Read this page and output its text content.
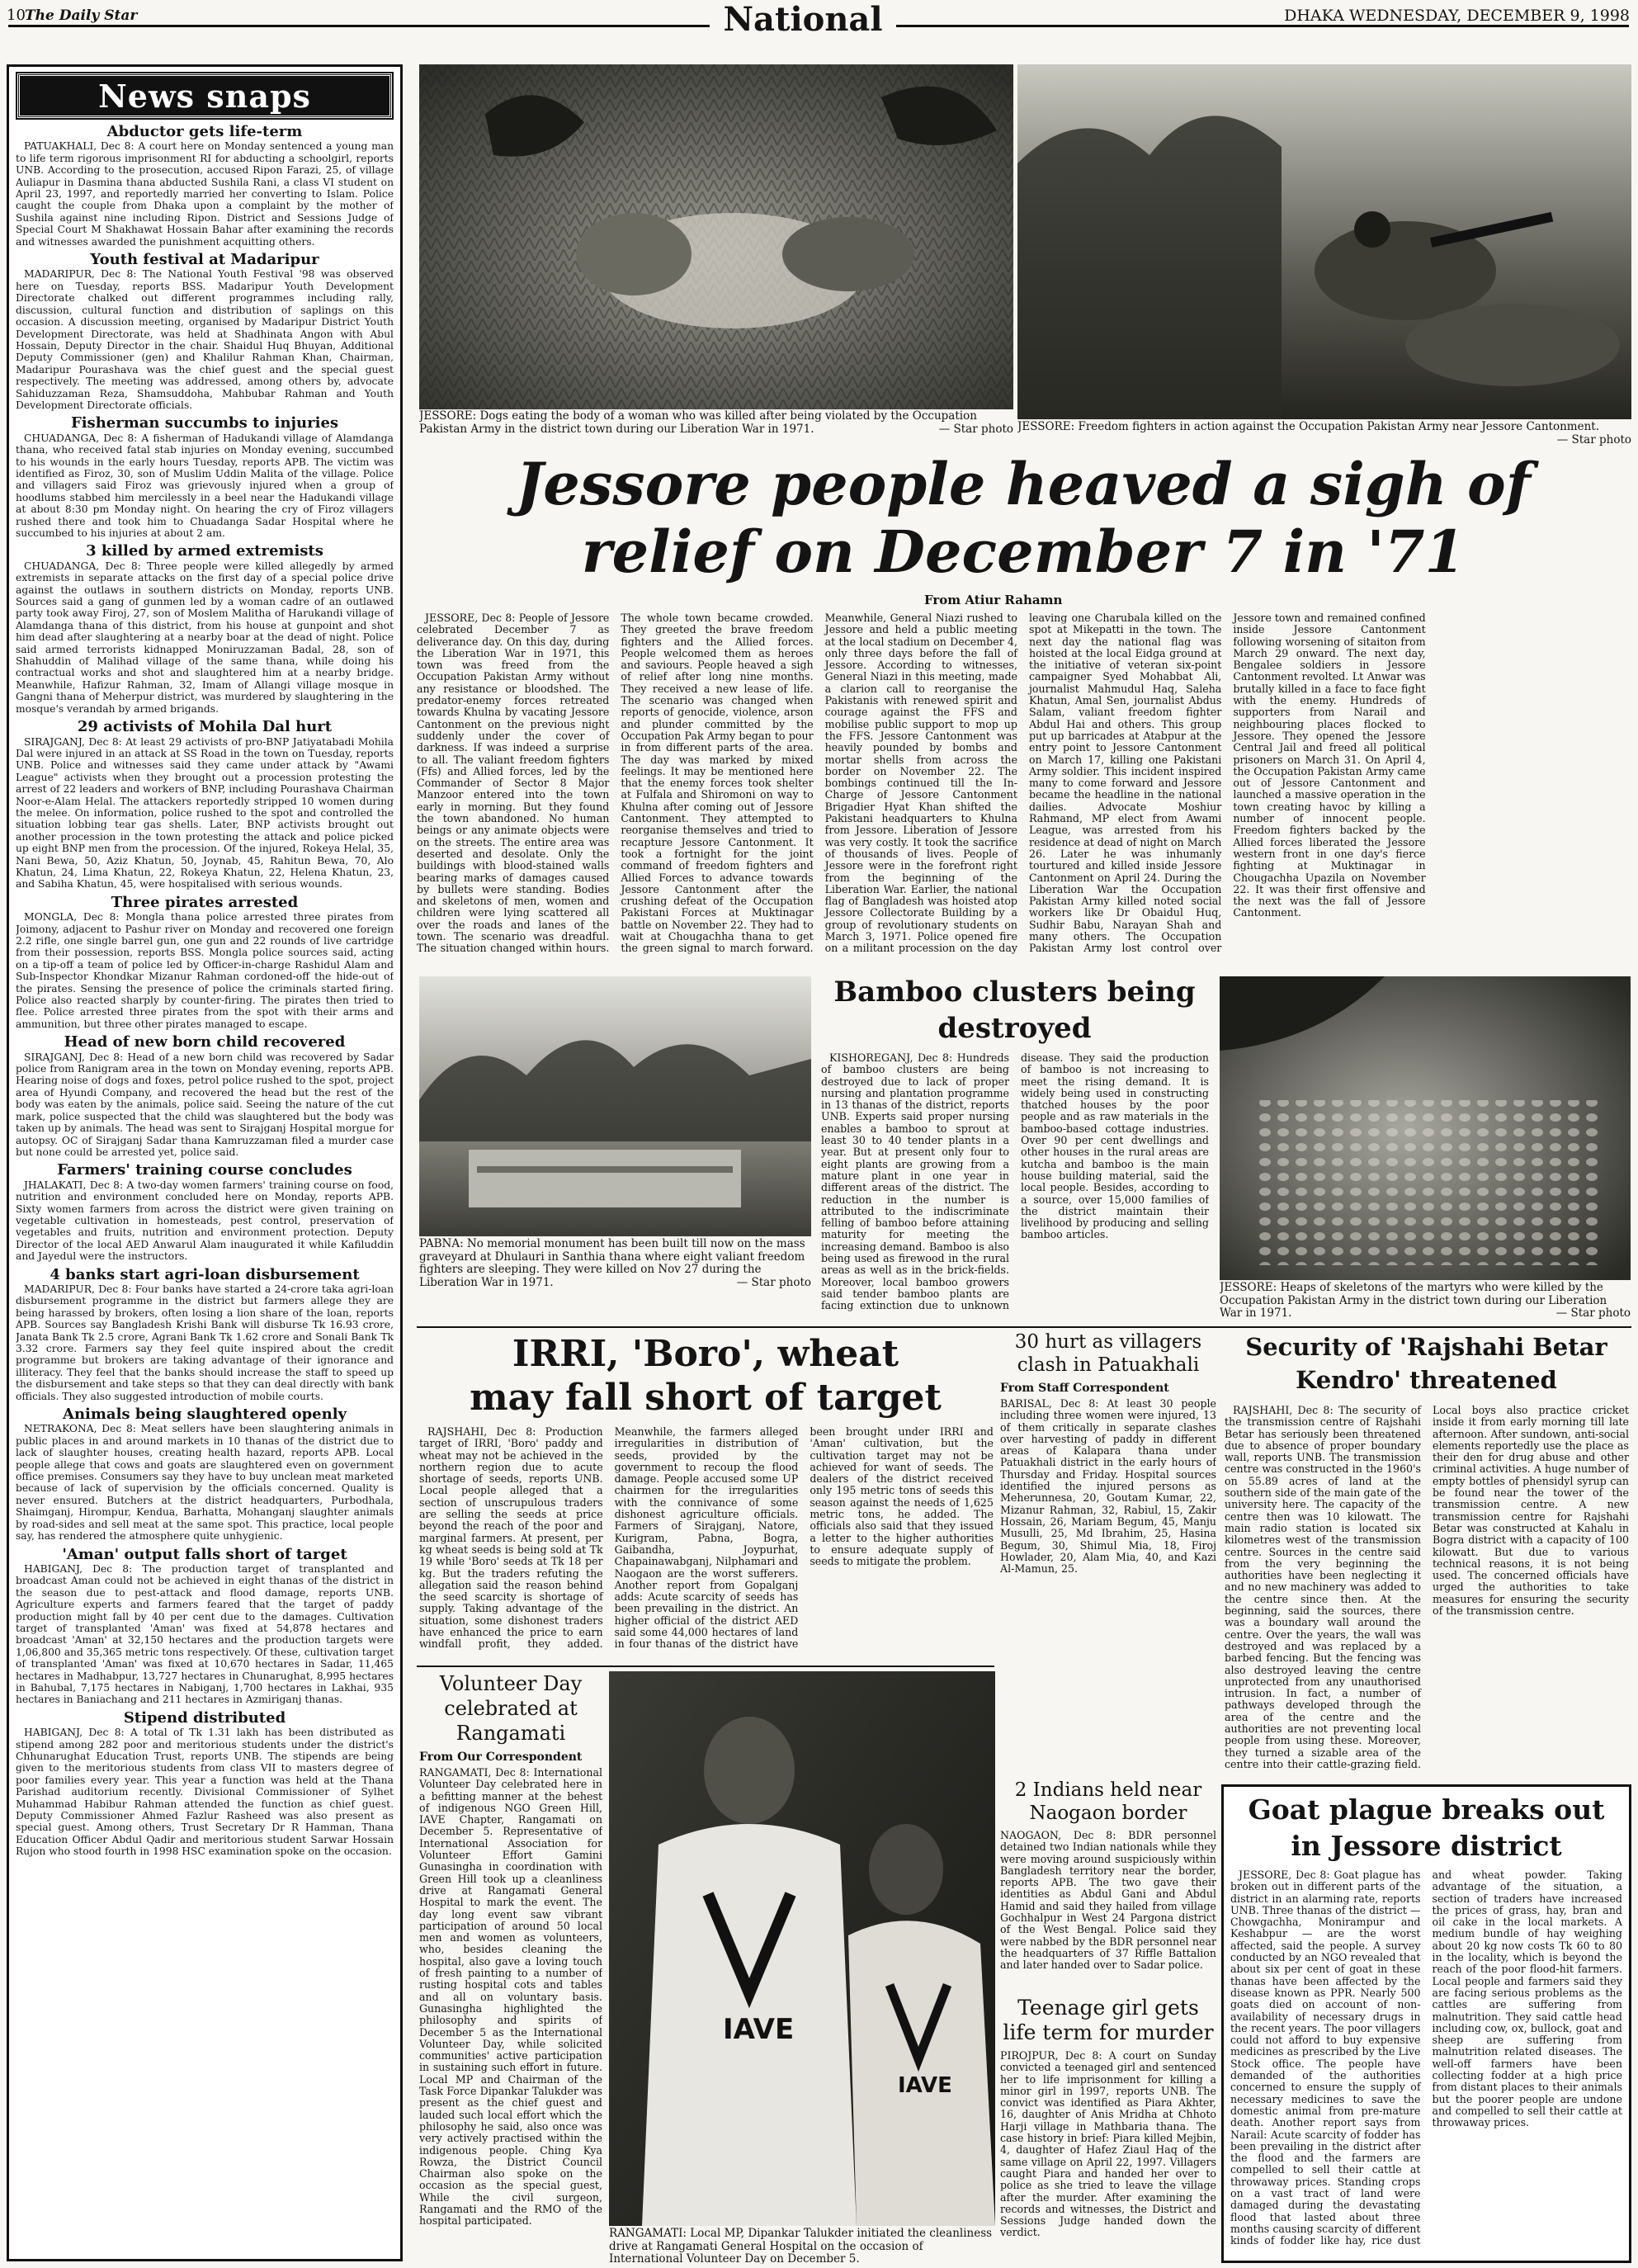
10 The Daily Star	National	DHAKA WEDNESDAY, DECEMBER 9, 1998
News snaps
Abductor gets life-term

PATUAKHALI, Dec 8: A court here on Monday sentenced a young man to life term rigorous imprisonment RI for abducting a schoolgirl, reports UNB. According to the prosecution, accused Ripon Farazi, 25, of village Auliapur in Dasmina thana abducted Sushila Rani, a class VI student on April 23, 1997, and reportedly married her converting to Islam. Police caught the couple from Dhaka upon a complaint by the mother of Sushila against nine including Ripon. District and Sessions Judge of Special Court M Shakhawat Hossain Bahar after examining the records and witnesses awarded the punishment acquitting others.

Youth festival at Madaripur

MADARIPUR, Dec 8: The National Youth Festival '98 was observed here on Tuesday, reports BSS. Madaripur Youth Development Directorate chalked out different programmes including rally, discussion, cultural function and distribution of saplings on this occasion. A discussion meeting, organised by Madaripur District Youth Development Directorate, was held at Shadhinata Angon with Abul Hossain, Deputy Director in the chair. Shaidul Huq Bhuyan, Additional Deputy Commissioner (gen) and Khalilur Rahman Khan, Chairman, Madaripur Pourashava was the chief guest and the special guest respectively. The meeting was addressed, among others by, advocate Sahiduzzaman Reza, Shamsuddoha, Mahbubar Rahman and Youth Development Directorate officials.

Fisherman succumbs to injuries

CHUADANGA, Dec 8: A fisherman of Hadukandi village of Alamdanga thana, who received fatal stab injuries on Monday evening, succumbed to his wounds in the early hours Tuesday, reports APB. The victim was identified as Firoz, 30, son of Muslim Uddin Malita of the village. Police and villagers said Firoz was grievously injured when a group of hoodlums stabbed him mercilessly in a beel near the Hadukandi village at about 8:30 pm Monday night. On hearing the cry of Firoz villagers rushed there and took him to Chuadanga Sadar Hospital where he succumbed to his injuries at about 2 am.

3 killed by armed extremists

CHUADANGA, Dec 8: Three people were killed allegedly by armed extremists in separate attacks on the first day of a special police drive against the outlaws in southern districts on Monday, reports UNB. Sources said a gang of gunmen led by a woman cadre of an outlawed party took away Firoj, 27, son of Moslem Malitha of Harukandi village of Alamdanga thana of this district, from his house at gunpoint and shot him dead after slaughtering at a nearby boar at the dead of night. Police said armed terrorists kidnapped Moniruzzaman Badal, 28, son of Shahuddin of Malihad village of the same thana, while doing his contractual works and shot and slaughtered him at a nearby bridge. Meanwhile, Hafizur Rahman, 32, Imam of Allangi village mosque in Gangni thana of Meherpur district, was murdered by slaughtering in the mosque's verandah by armed brigands.

29 activists of Mohila Dal hurt

SIRAJGANJ, Dec 8: At least 29 activists of pro-BNP Jatiyatabadi Mohila Dal were injured in an attack at SS Road in the town on Tuesday, reports UNB. Police and witnesses said they came under attack by "Awami League" activists when they brought out a procession protesting the arrest of 22 leaders and workers of BNP, including Pourashava Chairman Noor-e-Alam Helal. The attackers reportedly stripped 10 women during the melee. On information, police rushed to the spot and controlled the situation lobbing tear gas shells. Later, BNP activists brought out another procession in the town protesting the attack and police picked up eight BNP men from the procession. Of the injured, Rokeya Helal, 35, Nani Bewa, 50, Aziz Khatun, 50, Joynab, 45, Rahitun Bewa, 70, Alo Khatun, 24, Lima Khatun, 22, Rokeya Khatun, 22, Helena Khatun, 23, and Sabiha Khatun, 45, were hospitalised with serious wounds.

Three pirates arrested

MONGLA, Dec 8: Mongla thana police arrested three pirates from Joimony, adjacent to Pashur river on Monday and recovered one foreign 2.2 rifle, one single barrel gun, one gun and 22 rounds of live cartridge from their possession, reports BSS. Mongla police sources said, acting on a tip-off a team of police led by Officer-in-charge Rashidul Alam and Sub-Inspector Khondkar Mizanur Rahman cordoned-off the hide-out of the pirates. Sensing the presence of police the criminals started firing. Police also reacted sharply by counter-firing. The pirates then tried to flee. Police arrested three pirates from the spot with their arms and ammunition, but three other pirates managed to escape.

Head of new born child recovered

SIRAJGANJ, Dec 8: Head of a new born child was recovered by Sadar police from Ranigram area in the town on Monday evening, reports APB. Hearing noise of dogs and foxes, petrol police rushed to the spot, project area of Hyundi Company, and recovered the head but the rest of the body was eaten by the animals, police said. Seeing the nature of the cut mark, police suspected that the child was slaughtered but the body was taken up by animals. The head was sent to Sirajganj Hospital morgue for autopsy. OC of Sirajganj Sadar thana Kamruzzaman filed a murder case but none could be arrested yet, police said.

Farmers' training course concludes

JHALAKATI, Dec 8: A two-day women farmers' training course on food, nutrition and environment concluded here on Monday, reports APB. Sixty women farmers from across the district were given training on vegetable cultivation in homesteads, pest control, preservation of vegetables and fruits, nutrition and environment protection. Deputy Director of the local AED Anwarul Alam inaugurated it while Kafiluddin and Jayedul were the instructors.

4 banks start agri-loan disbursement

MADARIPUR, Dec 8: Four banks have started a 24-crore taka agri-loan disbursement programme in the district but farmers allege they are being harassed by brokers, often losing a lion share of the loan, reports APB. Sources say Bangladesh Krishi Bank will disburse Tk 16.93 crore, Janata Bank Tk 2.5 crore, Agrani Bank Tk 1.62 crore and Sonali Bank Tk 3.32 crore. Farmers say they feel quite inspired about the credit programme but brokers are taking advantage of their ignorance and illiteracy. They feel that the banks should increase the staff to speed up the disbursement and take steps so that they can deal directly with bank officials. They also suggested introduction of mobile courts.

Animals being slaughtered openly

NETRAKONA, Dec 8: Meat sellers have been slaughtering animals in public places in and around markets in 10 thanas of the district due to lack of slaughter houses, creating health hazard, reports APB. Local people allege that cows and goats are slaughtered even on government office premises. Consumers say they have to buy unclean meat marketed because of lack of supervision by the officials concerned. Quality is never ensured. Butchers at the district headquarters, Purbodhala, Shaimganj, Hirompur, Kendua, Barhatta, Mohanganj slaughter animals by road-sides and sell meat at the same spot. This practice, local people say, has rendered the atmosphere quite unhygienic.

'Aman' output falls short of target

HABIGANJ, Dec 8: The production target of transplanted and broadcast Aman could not be achieved in eight thanas of the district in the season due to pest-attack and flood damage, reports UNB. Agriculture experts and farmers feared that the target of paddy production might fall by 40 per cent due to the damages. Cultivation target of transplanted 'Aman' was fixed at 54,878 hectares and broadcast 'Aman' at 32,150 hectares and the production targets were 1,06,800 and 35,365 metric tons respectively. Of these, cultivation target of transplanted 'Aman' was fixed at 10,670 hectares in Sadar, 11,465 hectares in Madhabpur, 13,727 hectares in Chunarughat, 8,995 hectares in Bahubal, 7,175 hectares in Nabiganj, 1,700 hectares in Lakhai, 935 hectares in Baniachang and 211 hectares in Azmiriganj thanas.

Stipend distributed

HABIGANJ, Dec 8: A total of Tk 1.31 lakh has been distributed as stipend among 282 poor and meritorious students under the district's Chhunarughat Education Trust, reports UNB. The stipends are being given to the meritorious students from class VII to masters degree of poor families every year. This year a function was held at the Thana Parishad auditorium recently. Divisional Commissioner of Sylhet Muhammad Habibur Rahman attended the function as chief guest. Deputy Commissioner Ahmed Fazlur Rasheed was also present as special guest. Among others, Trust Secretary Dr R Hamman, Thana Education Officer Abdul Qadir and meritorious student Sarwar Hossain Rujon who stood fourth in 1998 HSC examination spoke on the occasion.

JESSORE: Dogs eating the body of a woman who was killed after being violated by the Occupation Pakistan Army in the district town during our Liberation War in 1971.	— Star photo JESSORE: Freedom fighters in action against the Occupation Pakistan Army near Jessore Cantonment.
— Star photo
Jessore people heaved a sigh of
relief on December 7 in '71
From Atiur Rahamn

JESSORE, Dec 8: People of Jessore celebrated December 7 as deliverance day. On this day, during the Liberation War in 1971, this town was freed from the Occupation Pakistan Army without any resistance or bloodshed. The predator-enemy forces retreated towards Khulna by vacating Jessore Cantonment on the previous night suddenly under the cover of darkness. If was indeed a surprise to all. The valiant freedom fighters (Ffs) and Allied forces, led by the Commander of Sector 8 Major Manzoor entered into the town early in morning. But they found the town abandoned. No human beings or any animate objects were on the streets. The entire area was deserted and desolate. Only the buildings with blood-stained walls bearing marks of damages caused by bullets were standing. Bodies and skeletons of men, women and children were lying scattered all over the roads and lanes of the town. The scenario was dreadful. The situation changed within hours. The whole town became crowded. They greeted the brave freedom fighters and the Allied forces. People welcomed them as heroes and saviours. People heaved a sigh of relief after long nine months. They received a new lease of life. The scenario was changed when reports of genocide, violence, arson and plunder committed by the Occupation Pak Army began to pour in from different parts of the area. The day was marked by mixed feelings. It may be mentioned here that the enemy forces took shelter at Fulfala and Shiromoni on way to Khulna after coming out of Jessore Cantonment. They attempted to reorganise themselves and tried to recapture Jessore Cantonment. It took a fortnight for the joint command of freedom fighters and Allied Forces to advance towards Jessore Cantonment after the crushing defeat of the Occupation Pakistani Forces at Muktinagar battle on November 22. They had to wait at Chougachha thana to get the green signal to march forward. Meanwhile, General Niazi rushed to Jessore and held a public meeting at the local stadium on December 4, only three days before the fall of Jessore. According to witnesses, General Niazi in this meeting, made a clarion call to reorganise the Pakistanis with renewed spirit and courage against the FFS and mobilise public support to mop up the FFS. Jessore Cantonment was heavily pounded by bombs and mortar shells from across the border on November 22. The bombings continued till the In-Charge of Jessore Cantonment Brigadier Hyat Khan shifted the Pakistani headquarters to Khulna from Jessore. Liberation of Jessore was very costly. It took the sacrifice of thousands of lives. People of Jessore were in the forefront right from the beginning of the Liberation War. Earlier, the national flag of Bangladesh was hoisted atop Jessore Collectorate Building by a group of revolutionary students on March 3, 1971. Police opened fire on a militant procession on the day leaving one Charubala killed on the spot at Mikepatti in the town. The next day the national flag was hoisted at the local Eidga ground at the initiative of veteran six-point campaigner Syed Mohabbat Ali, journalist Mahmudul Haq, Saleha Khatun, Amal Sen, journalist Abdus Salam, valiant freedom fighter Abdul Hai and others. This group put up barricades at Atabpur at the entry point to Jessore Cantonment on March 17, killing one Pakistani Army soldier. This incident inspired many to come forward and Jessore became the headline in the national dailies. Advocate Moshiur Rahmand, MP elect from Awami League, was arrested from his residence at dead of night on March 26. Later he was inhumanly tourtured and killed inside Jessore Cantonment on April 24. During the Liberation War the Occupation Pakistan Army killed noted social workers like Dr Obaidul Huq, Sudhir Babu, Narayan Shah and many others. The Occupation Pakistan Army lost control over Jessore town and remained confined inside Jessore Cantonment following worsening of sitaiton from March 29 onward. The next day, Bengalee soldiers in Jessore Cantonment revolted. Lt Anwar was brutally killed in a face to face fight with the enemy. Hundreds of supporters from Narail and neighbouring places flocked to Jessore. They opened the Jessore Central Jail and freed all political prisoners on March 31. On April 4, the Occupation Pakistan Army came out of Jessore Cantonment and launched a massive operation in the town creating havoc by killing a number of innocent people. Freedom fighters backed by the Allied forces liberated the Jessore western front in one day's fierce fighting at Muktinagar in Chougachha Upazila on November 22. It was their first offensive and the next was the fall of Jessore Cantonment.

PABNA: No memorial monument has been built till now on the mass graveyard at Dhulauri in Santhia thana where eight valiant freedom fighters are sleeping. They were killed on Nov 27 during the Liberation War in 1971.	— Star photo
Bamboo clusters being
destroyed

KISHOREGANJ, Dec 8: Hundreds of bamboo clusters are being destroyed due to lack of proper nursing and plantation programme in 13 thanas of the district, reports UNB. Experts said proper nursing enables a bamboo to sprout at least 30 to 40 tender plants in a year. But at present only four to eight plants are growing from a mature plant in one year in different areas of the district. The reduction in the number is attributed to the indiscriminate felling of bamboo before attaining maturity for meeting the increasing demand. Bamboo is also being used as firewood in the rural areas as well as in the brick-fields. Moreover, local bamboo growers said tender bamboo plants are facing extinction due to unknown disease. They said the production of bamboo is not increasing to meet the rising demand. It is widely being used in constructing thatched houses by the poor people and as raw materials in the bamboo-based cottage industries. Over 90 per cent dwellings and other houses in the rural areas are kutcha and bamboo is the main house building material, said the local people. Besides, according to a source, over 15,000 families of the district maintain their livelihood by producing and selling bamboo articles.

JESSORE: Heaps of skeletons of the martyrs who were killed by the Occupation Pakistan Army in the district town during our Liberation War in 1971.	— Star photo
IRRI, 'Boro', wheat
may fall short of target

RAJSHAHI, Dec 8: Production target of IRRI, 'Boro' paddy and wheat may not be achieved in the northern region due to acute shortage of seeds, reports UNB. Local people alleged that a section of unscrupulous traders are selling the seeds at price beyond the reach of the poor and marginal farmers. At present, per kg wheat seeds is being sold at Tk 19 while 'Boro' seeds at Tk 18 per kg. But the traders refuting the allegation said the reason behind the seed scarcity is shortage of supply. Taking advantage of the situation, some dishonest traders have enhanced the price to earn windfall profit, they added. Meanwhile, the farmers alleged irregularities in distribution of seeds, provided by the government to recoup the flood damage. People accused some UP chairmen for the irregularities with the connivance of some dishonest agriculture officials. Farmers of Sirajganj, Natore, Kurigram, Pabna, Bogra, Gaibandha, Joypurhat, Chapainawabganj, Nilphamari and Naogaon are the worst sufferers. Another report from Gopalganj adds: Acute scarcity of seeds has been prevailing in the district. An higher official of the district AED said some 44,000 hectares of land in four thanas of the district have been brought under IRRI and 'Aman' cultivation, but the cultivation target may not be achieved for want of seeds. The dealers of the district received only 195 metric tons of seeds this season against the needs of 1,625 metric tons, he added. The officials also said that they issued a letter to the higher authorities to ensure adequate supply of seeds to mitigate the problem.

30 hurt as villagers clash in Patuakhali
From Staff Correspondent
BARISAL, Dec 8: At least 30 people including three women were injured, 13 of them critically in separate clashes over harvesting of paddy in different areas of Kalapara thana under Patuakhali district in the early hours of Thursday and Friday. Hospital sources identified the injured persons as Meherunnesa, 20, Goutam Kumar, 22, Mizanur Rahman, 32, Rabiul, 15, Zakir Hossain, 26, Mariam Begum, 45, Manju Musulli, 25, Md Ibrahim, 25, Hasina Begum, 30, Shimul Mia, 18, Firoj Howlader, 20, Alam Mia, 40, and Kazi Al-Mamun, 25.
Security of 'Rajshahi Betar
Kendro' threatened

RAJSHAHI, Dec 8: The security of the transmission centre of Rajshahi Betar has seriously been threatened due to absence of proper boundary wall, reports UNB. The transmission centre was constructed in the 1960's on 55.89 acres of land at the southern side of the main gate of the university here. The capacity of the centre then was 10 kilowatt. The main radio station is located six kilometres west of the transmission centre. Sources in the centre said from the very beginning the authorities have been neglecting it and no new machinery was added to the centre since then. At the beginning, said the sources, there was a boundary wall around the centre. Over the years, the wall was destroyed and was replaced by a barbed fencing. But the fencing was also destroyed leaving the centre unprotected from any unauthorised intrusion. In fact, a number of pathways developed through the area of the centre and the authorities are not preventing local people from using these. Moreover, they turned a sizable area of the centre into their cattle-grazing field. Local boys also practice cricket inside it from early morning till late afternoon. After sundown, anti-social elements reportedly use the place as their den for drug abuse and other criminal activities. A huge number of empty bottles of phensidyl syrup can be found near the tower of the transmission centre. A new transmission centre for Rajshahi Betar was constructed at Kahalu in Bogra district with a capacity of 100 kilowatt. But due to various technical reasons, it is not being used. The concerned officials have urged the authorities to take measures for ensuring the security of the transmission centre.

Volunteer Day celebrated at Rangamati
From Our Correspondent
RANGAMATI, Dec 8: International Volunteer Day celebrated here in a befitting manner at the behest of indigenous NGO Green Hill, IAVE Chapter, Rangamati on December 5. Representative of International Association for Volunteer Effort Gamini Gunasingha in coordination with Green Hill took up a cleanliness drive at Rangamati General Hospital to mark the event. The day long event saw vibrant participation of around 50 local men and women as volunteers, who, besides cleaning the hospital, also gave a loving touch of fresh painting to a number of rusting hospital cots and tables and all on voluntary basis. Gunasingha highlighted the philosophy and spirits of December 5 as the International Volunteer Day, while solicited communities' active participation in sustaining such effort in future. Local MP and Chairman of the Task Force Dipankar Talukder was present as the chief guest and lauded such local effort which the philosophy he said, also once was very actively practised within the indigenous people. Ching Kya Rowza, the District Council Chairman also spoke on the occasion as the special guest, While the civil surgeon, Rangamati and the RMO of the hospital participated.
IAVE
IAVE
RANGAMATI: Local MP, Dipankar Talukder initiated the cleanliness drive at Rangamati General Hospital on the occasion of International Volunteer Day on December 5.
2 Indians held near Naogaon border
NAOGAON, Dec 8: BDR personnel detained two Indian nationals while they were moving around suspiciously within Bangladesh territory near the border, reports APB. The two gave their identities as Abdul Gani and Abdul Hamid and said they hailed from village Gochhalpur in West 24 Pargona district of the West Bengal. Police said they were nabbed by the BDR personnel near the headquarters of 37 Riffle Battalion and later handed over to Sadar police.
Teenage girl gets life term for murder
PIROJPUR, Dec 8: A court on Sunday convicted a teenaged girl and sentenced her to life imprisonment for killing a minor girl in 1997, reports UNB. The convict was identified as Piara Akhter, 16, daughter of Anis Mridha at Chhoto Harji village in Mathbaria thana. The case history in brief: Piara killed Mejbin, 4, daughter of Hafez Ziaul Haq of the same village on April 22, 1997. Villagers caught Piara and handed her over to police as she tried to leave the village after the murder. After examining the records and witnesses, the District and Sessions Judge handed down the verdict.
Goat plague breaks out
in Jessore district

JESSORE, Dec 8: Goat plague has broken out in different parts of the district in an alarming rate, reports UNB. Three thanas of the district — Chowgachha, Monirampur and Keshabpur — are the worst affected, said the people. A survey conducted by an NGO revealed that about six per cent of goat in these thanas have been affected by the disease known as PPR. Nearly 500 goats died on account of non-availability of necessary drugs in the recent years. The poor villagers could not afford to buy expensive medicines as prescribed by the Live Stock office. The people have demanded of the authorities concerned to ensure the supply of necessary medicines to save the domestic animal from pre-mature death. Another report says from Narail: Acute scarcity of fodder has been prevailing in the district after the flood and the farmers are compelled to sell their cattle at throwaway prices. Standing crops on a vast tract of land were damaged during the devastating flood that lasted about three months causing scarcity of different kinds of fodder like hay, rice dust and wheat powder. Taking advantage of the situation, a section of traders have increased the prices of grass, hay, bran and oil cake in the local markets. A medium bundle of hay weighing about 20 kg now costs Tk 60 to 80 in the locality, which is beyond the reach of the poor flood-hit farmers. Local people and farmers said they are facing serious problems as the cattles are suffering from malnutrition. They said cattle head including cow, ox, bullock, goat and sheep are suffering from malnutrition related diseases. The well-off farmers have been collecting fodder at a high price from distant places to their animals but the poorer people are undone and compelled to sell their cattle at throwaway prices.
